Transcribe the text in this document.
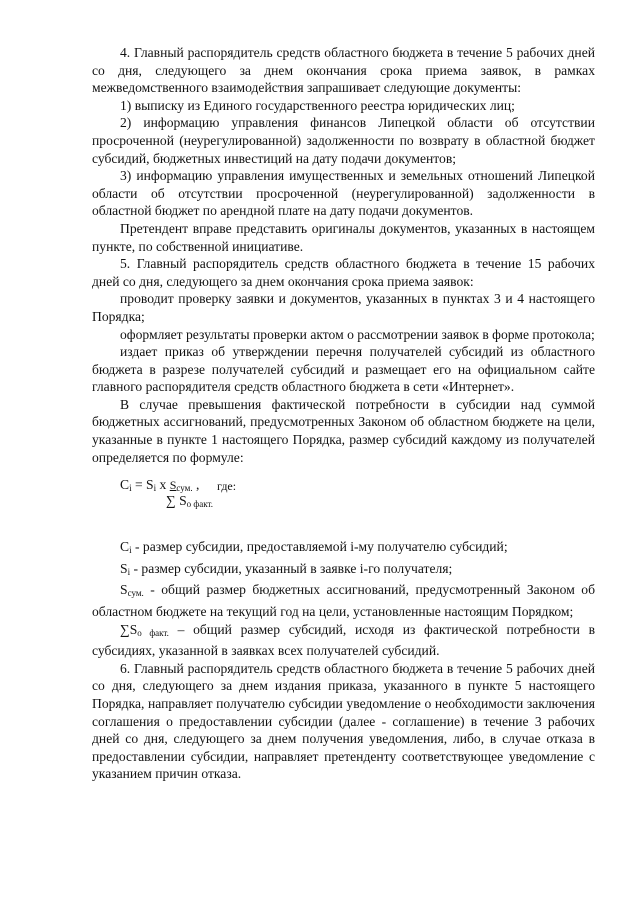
4. Главный распорядитель средств областного бюджета в течение 5 рабочих дней со дня, следующего за днем окончания срока приема заявок, в рамках межведомственного взаимодействия запрашивает следующие документы:

1) выписку из Единого государственного реестра юридических лиц;

2) информацию управления финансов Липецкой области об отсутствии просроченной (неурегулированной) задолженности по возврату в областной бюджет субсидий, бюджетных инвестиций на дату подачи документов;

3) информацию управления имущественных и земельных отношений Липецкой области об отсутствии просроченной (неурегулированной) задолженности в областной бюджет по арендной плате на дату подачи документов.

Претендент вправе представить оригиналы документов, указанных в настоящем пункте, по собственной инициативе.

5. Главный распорядитель средств областного бюджета в течение 15 рабочих дней со дня, следующего за днем окончания срока приема заявок:

проводит проверку заявки и документов, указанных в пунктах 3 и 4 настоящего Порядка;

оформляет результаты проверки актом о рассмотрении заявок в форме протокола;

издает приказ об утверждении перечня получателей субсидий из областного бюджета в разрезе получателей субсидий и размещает его на официальном сайте главного распорядителя средств областного бюджета в сети «Интернет».

В случае превышения фактической потребности в субсидии над суммой бюджетных ассигнований, предусмотренных Законом об областном бюджете на цели, указанные в пункте 1 настоящего Порядка, размер субсидий каждому из получателей определяется по формуле:

$C_i = S_i$ x $S_{сум.}$ , где:
∑ $S_{о факт.}$

$C_i$ - размер субсидии, предоставляемой i-му получателю субсидий;

$S_i$ - размер субсидии, указанный в заявке i-го получателя;

$S_{сум.}$ - общий размер бюджетных ассигнований, предусмотренный Законом об областном бюджете на текущий год на цели, установленные настоящим Порядком;

$\sum S_{о факт.}$ – общий размер субсидий, исходя из фактической потребности в субсидиях, указанной в заявках всех получателей субсидий.

6. Главный распорядитель средств областного бюджета в течение 5 рабочих дней со дня, следующего за днем издания приказа, указанного в пункте 5 настоящего Порядка, направляет получателю субсидии уведомление о необходимости заключения соглашения о предоставлении субсидии (далее - соглашение) в течение 3 рабочих дней со дня, следующего за днем получения уведомления, либо, в случае отказа в предоставлении субсидии, направляет претенденту соответствующее уведомление с указанием причин отказа.
